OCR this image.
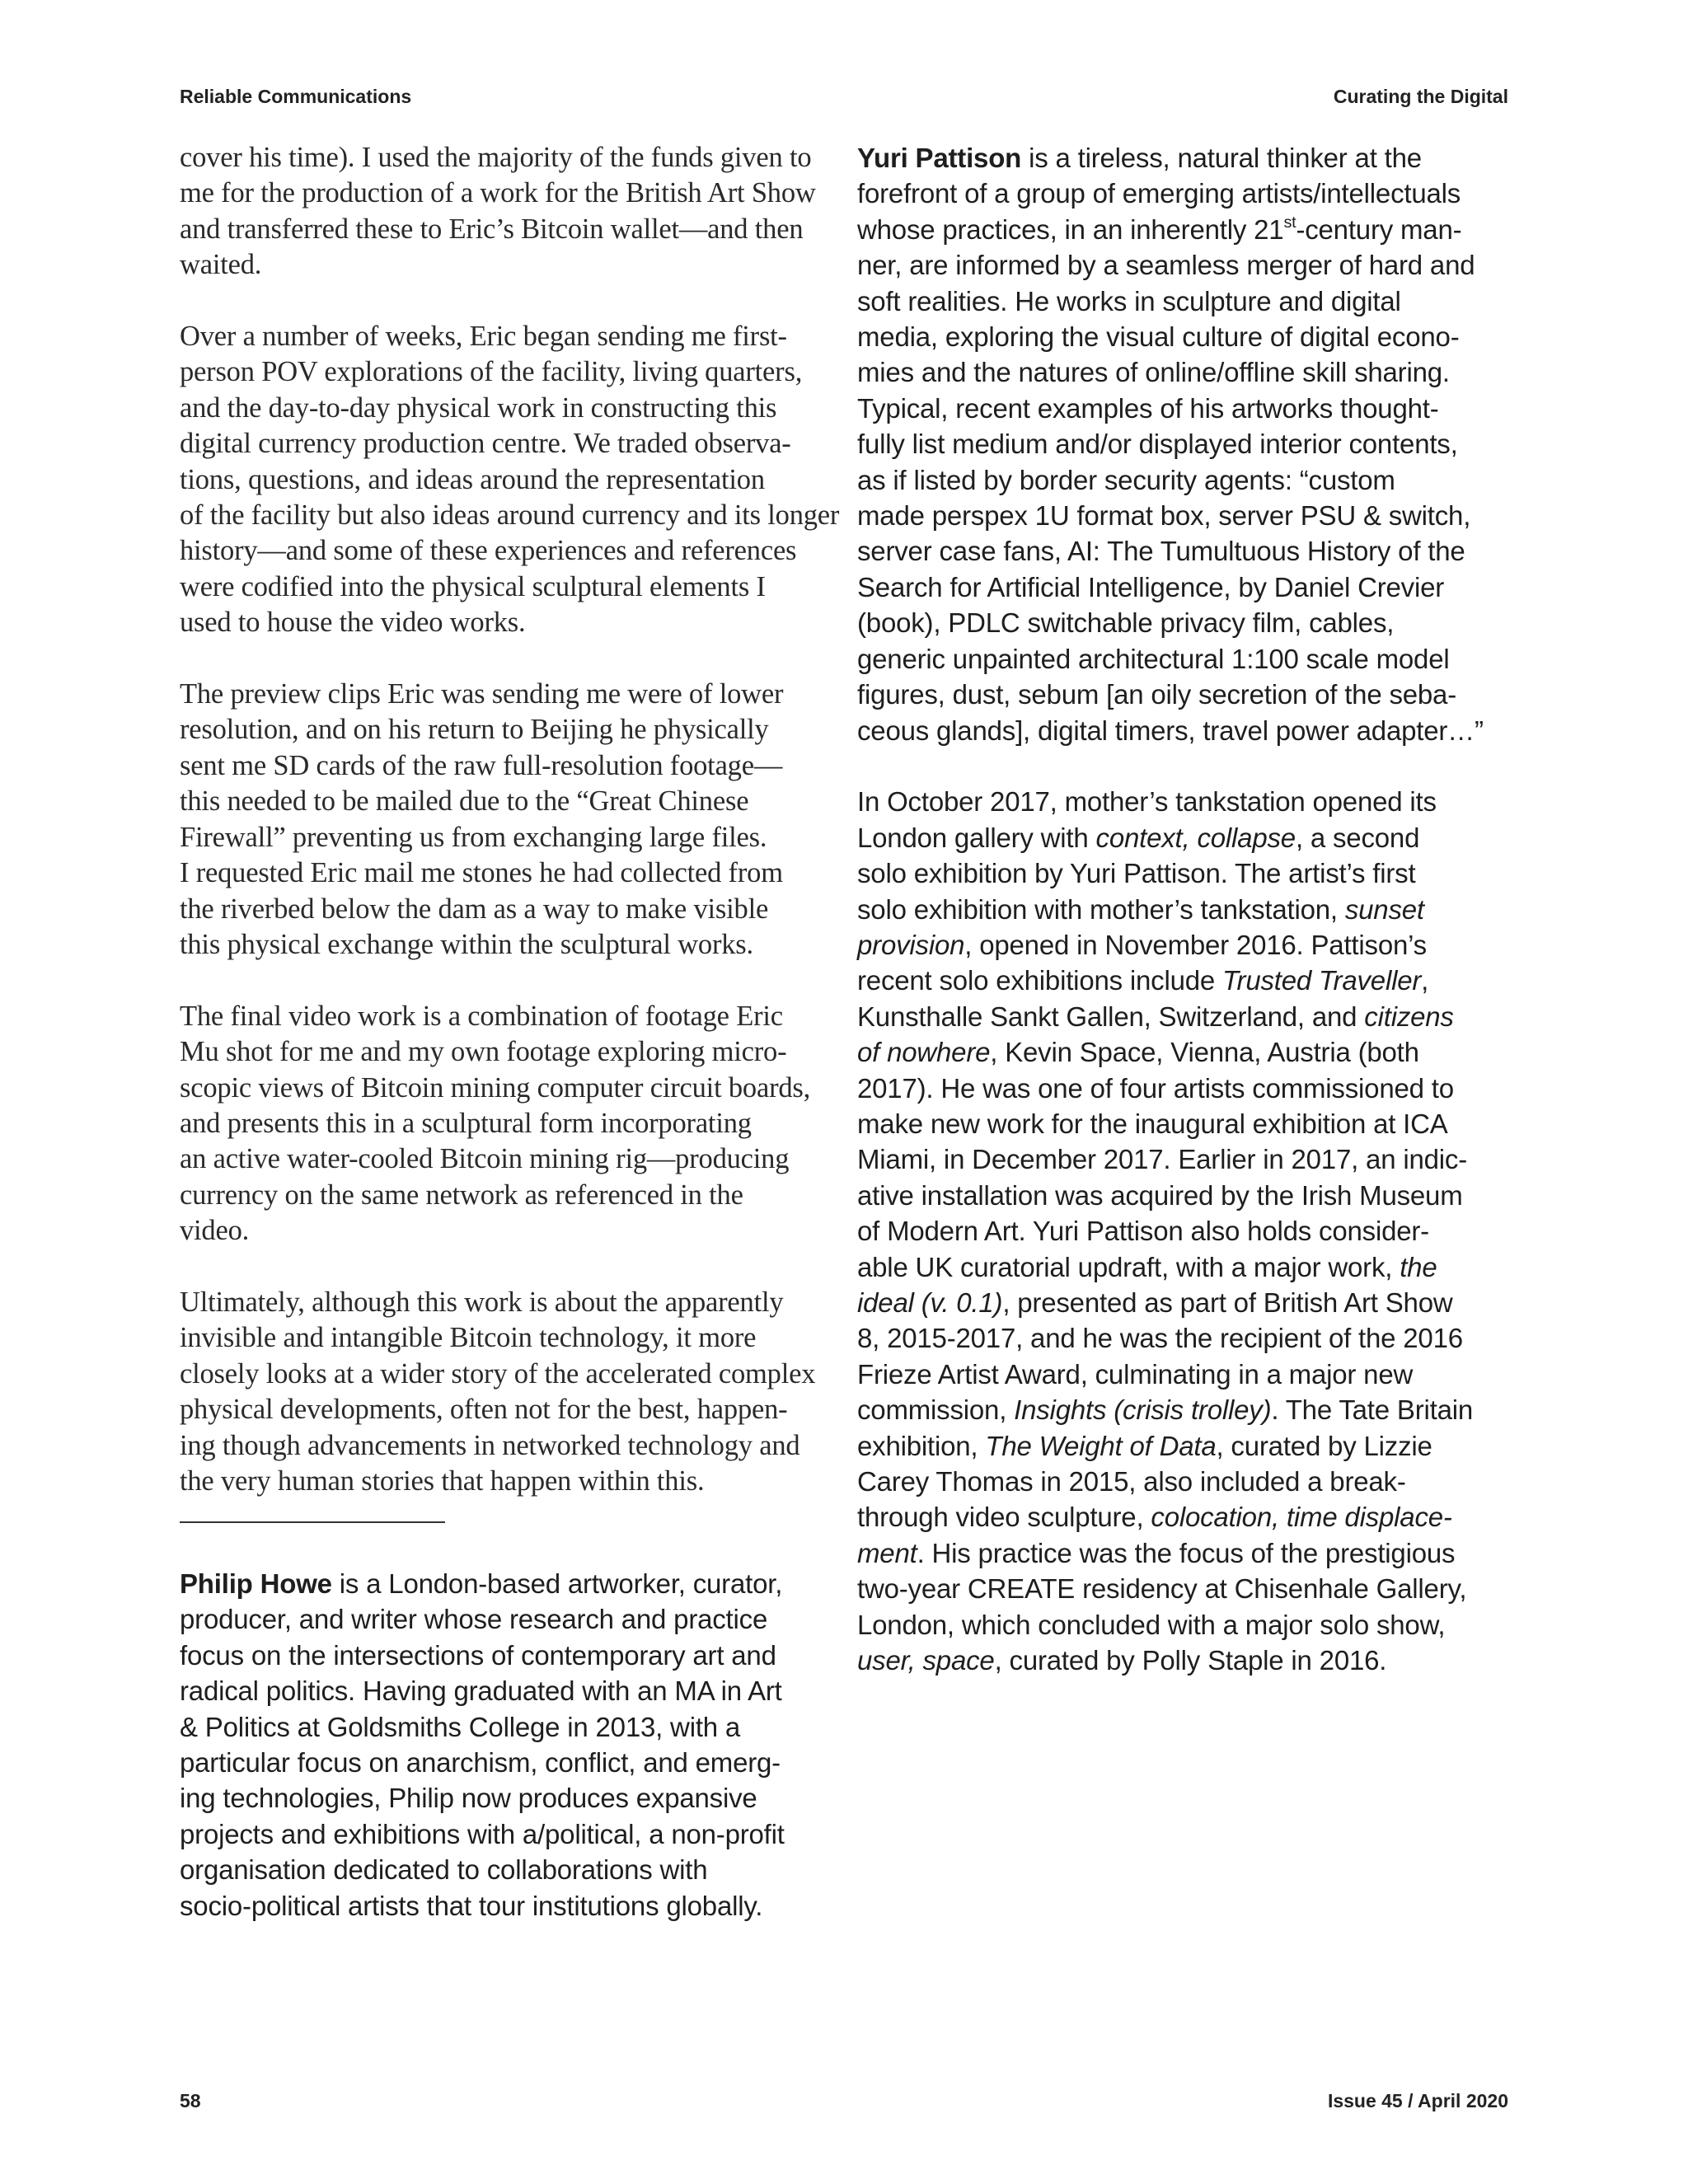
Reliable Communications	Curating the Digital

cover his time). I used the majority of the funds given to
me for the production of a work for the British Art Show
and transferred these to Eric’s Bitcoin wallet—and then
waited.

Over a number of weeks, Eric began sending me first-
person POV explorations of the facility, living quarters,
and the day-to-day physical work in constructing this
digital currency production centre. We traded observa-
tions, questions, and ideas around the representation
of the facility but also ideas around currency and its longer
history—and some of these experiences and references
were codified into the physical sculptural elements I
used to house the video works.

The preview clips Eric was sending me were of lower
resolution, and on his return to Beijing he physically
sent me SD cards of the raw full-resolution footage—
this needed to be mailed due to the “Great Chinese
Firewall” preventing us from exchanging large files.
I requested Eric mail me stones he had collected from
the riverbed below the dam as a way to make visible
this physical exchange within the sculptural works.

The final video work is a combination of footage Eric
Mu shot for me and my own footage exploring micro-
scopic views of Bitcoin mining computer circuit boards,
and presents this in a sculptural form incorporating
an active water-cooled Bitcoin mining rig—producing
currency on the same network as referenced in the
video.

Ultimately, although this work is about the apparently
invisible and intangible Bitcoin technology, it more
closely looks at a wider story of the accelerated complex
physical developments, often not for the best, happen-
ing though advancements in networked technology and
the very human stories that happen within this.

Philip Howe is a London-based artworker, curator,
producer, and writer whose research and practice
focus on the intersections of contemporary art and
radical politics. Having graduated with an MA in Art
& Politics at Goldsmiths College in 2013, with a
particular focus on anarchism, conflict, and emerg-
ing technologies, Philip now produces expansive
projects and exhibitions with a/political, a non-profit
organisation dedicated to collaborations with
socio-political artists that tour institutions globally.

Yuri Pattison is a tireless, natural thinker at the
forefront of a group of emerging artists/intellectuals
whose practices, in an inherently 21st-century man-
ner, are informed by a seamless merger of hard and
soft realities. He works in sculpture and digital
media, exploring the visual culture of digital econo-
mies and the natures of online/offline skill sharing.
Typical, recent examples of his artworks thought-
fully list medium and/or displayed interior contents,
as if listed by border security agents: “custom
made perspex 1U format box, server PSU & switch,
server case fans, AI: The Tumultuous History of the
Search for Artificial Intelligence, by Daniel Crevier
(book), PDLC switchable privacy film, cables,
generic unpainted architectural 1:100 scale model
figures, dust, sebum [an oily secretion of the seba-
ceous glands], digital timers, travel power adapter…”

In October 2017, mother’s tankstation opened its
London gallery with context, collapse, a second
solo exhibition by Yuri Pattison. The artist’s first
solo exhibition with mother’s tankstation, sunset
provision, opened in November 2016. Pattison’s
recent solo exhibitions include Trusted Traveller,
Kunsthalle Sankt Gallen, Switzerland, and citizens
of nowhere, Kevin Space, Vienna, Austria (both
2017). He was one of four artists commissioned to
make new work for the inaugural exhibition at ICA
Miami, in December 2017. Earlier in 2017, an indic-
ative installation was acquired by the Irish Museum
of Modern Art. Yuri Pattison also holds consider-
able UK curatorial updraft, with a major work, the
ideal (v. 0.1), presented as part of British Art Show
8, 2015-2017, and he was the recipient of the 2016
Frieze Artist Award, culminating in a major new
commission, Insights (crisis trolley). The Tate Britain
exhibition, The Weight of Data, curated by Lizzie
Carey Thomas in 2015, also included a break-
through video sculpture, colocation, time displace-
ment. His practice was the focus of the prestigious
two-year CREATE residency at Chisenhale Gallery,
London, which concluded with a major solo show,
user, space, curated by Polly Staple in 2016.

58	Issue 45 / April 2020
